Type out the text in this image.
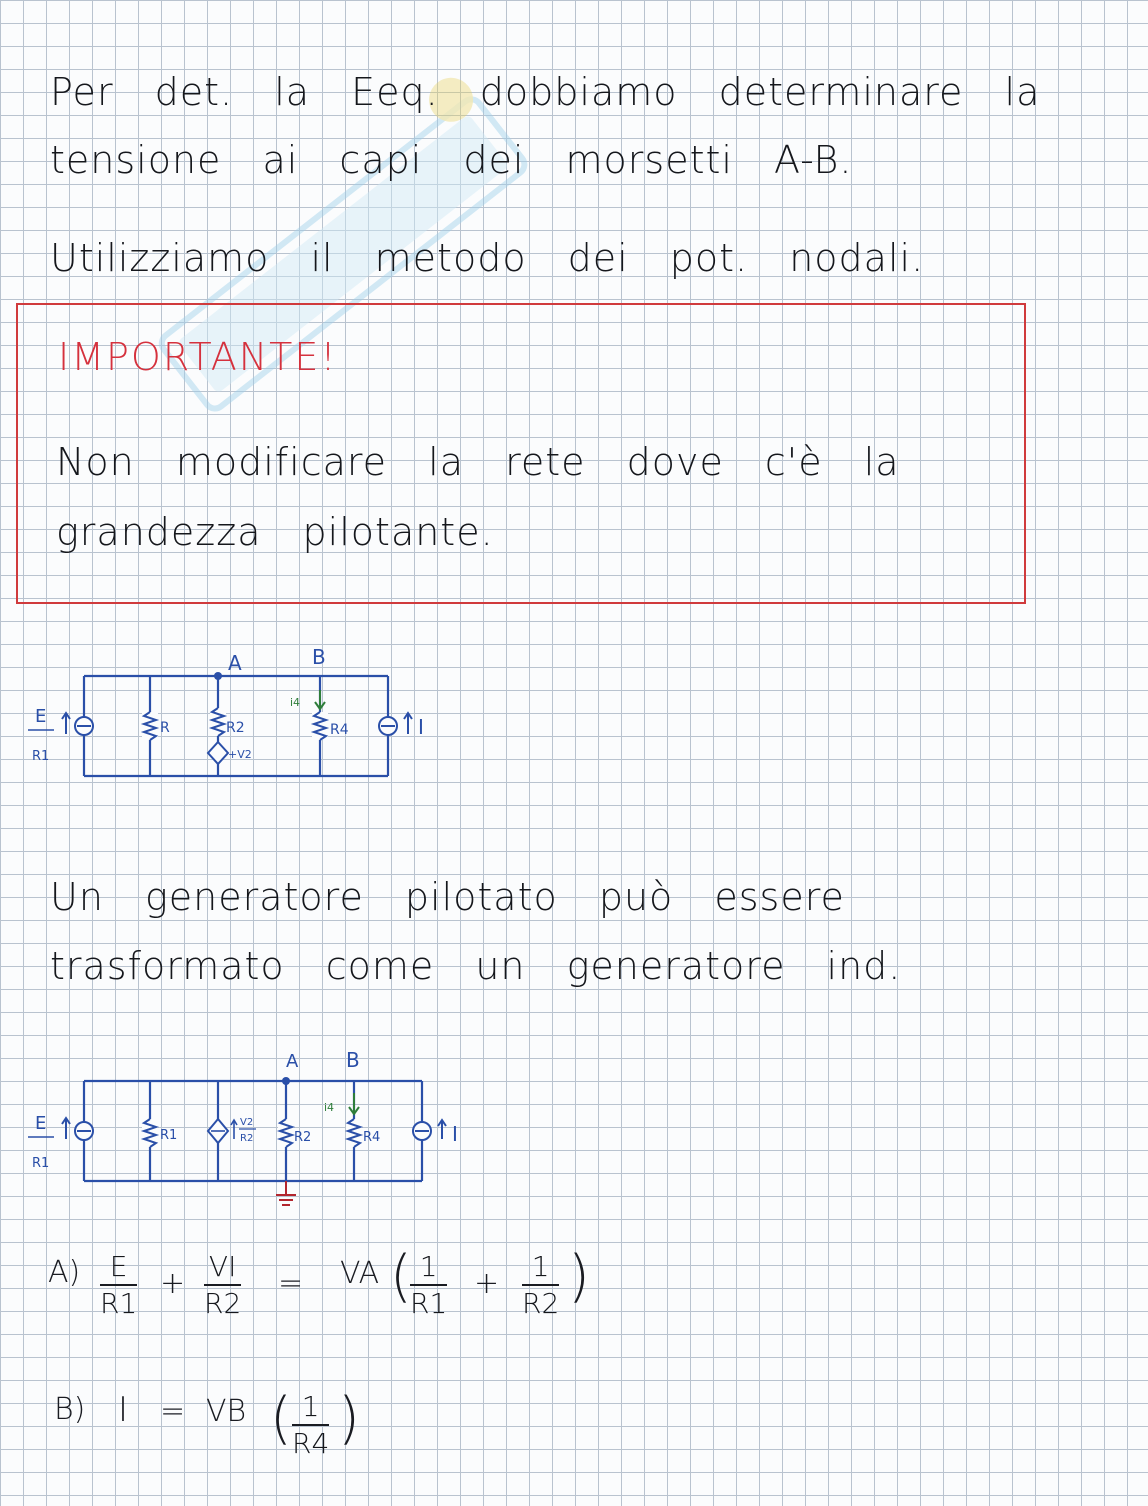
Per det. la Eeq. dobbiamo determinare la

tensione ai capi dei morsetti A-B.

Utilizziamo il metodo dei pot. nodali.

IMPORTANTE!

Non modificare la rete dove c'è la

grandezza pilotante.

E
R1
R
A
R2
+V2
B
i4
R4	I

Un generatore pilotato può essere

trasformato come un generatore ind.

E
R1
R1
V2
R2
A
R2
B
i4
R4	I
$A) \frac{E}{R1} + \frac{VI}{R2}$ = VA (
$\frac{1}{R1} + \frac{1}{R2}$ )
B) I = VB ( $\frac{1}{R4}$ )
